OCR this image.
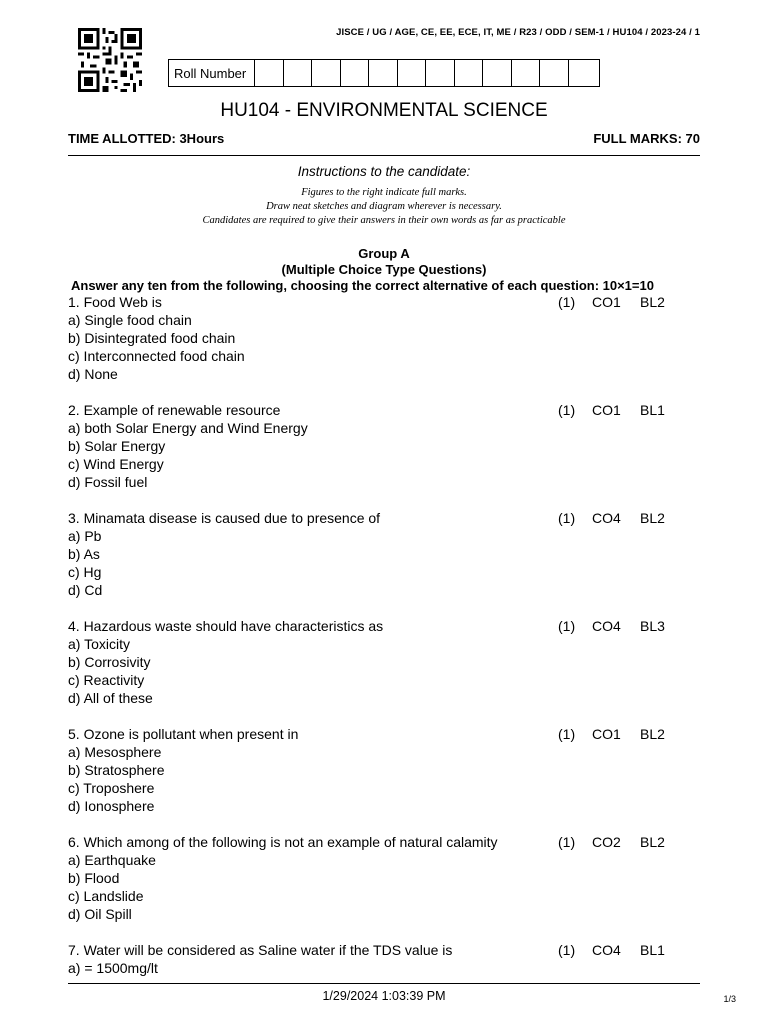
JISCE / UG / AGE, CE, EE, ECE, IT, ME / R23 / ODD / SEM-1 / HU104 / 2023-24 / 1
Roll Number
HU104 - ENVIRONMENTAL SCIENCE
TIME ALLOTTED: 3Hours	FULL MARKS: 70
Instructions to the candidate:
Figures to the right indicate full marks.
Draw neat sketches and diagram wherever is necessary.
Candidates are required to give their answers in their own words as far as practicable
Group A
(Multiple Choice Type Questions)
Answer any ten from the following, choosing the correct alternative of each question: 10×1=10
1. Food Web is	(1) CO1 BL2
a) Single food chain
b) Disintegrated food chain
c) Interconnected food chain
d) None
2. Example of renewable resource	(1) CO1 BL1
a) both Solar Energy and Wind Energy
b) Solar Energy
c) Wind Energy
d) Fossil fuel
3. Minamata disease is caused due to presence of	(1) CO4 BL2
a) Pb
b) As
c) Hg
d) Cd
4. Hazardous waste should have characteristics as	(1) CO4 BL3
a) Toxicity
b) Corrosivity
c) Reactivity
d) All of these
5. Ozone is pollutant when present in	(1) CO1 BL2
a) Mesosphere
b) Stratosphere
c) Troposhere
d) Ionosphere
6. Which among of the following is not an example of natural calamity	(1) CO2 BL2
a) Earthquake
b) Flood
c) Landslide
d) Oil Spill
7. Water will be considered as Saline water if the TDS value is	(1) CO4 BL1
a) = 1500mg/lt
1/29/2024 1:03:39 PM	1/3
